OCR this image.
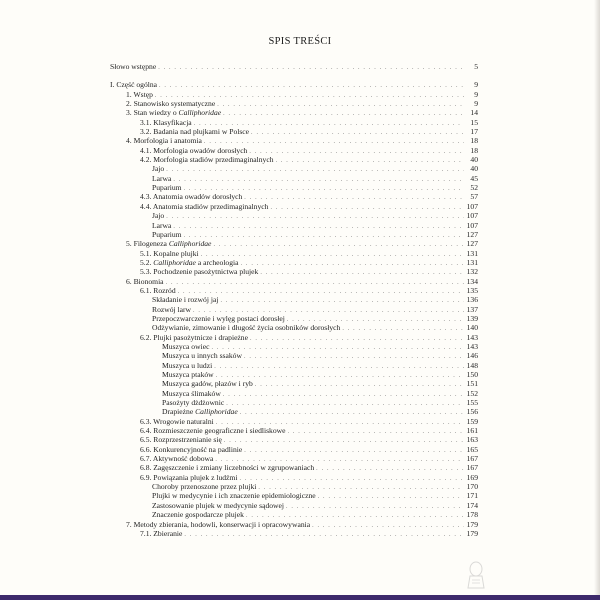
SPIS TREŚCI
Słowo wstępne . . .	5
I. Część ogólna . . .	9
1. Wstęp . . .	9
2. Stanowisko systematyczne . . .	9
3. Stan wiedzy o Calliphoridae . . .	14
3.1. Klasyfikacja . . .	15
3.2. Badania nad plujkami w Polsce . . .	17
4. Morfologia i anatomia . . .	18
4.1. Morfologia owadów dorosłych . . .	18
4.2. Morfologia stadiów przedimaginalnych . . .	40
Jajo . . .	40
Larwa . . .	45
Puparium . . .	52
4.3. Anatomia owadów dorosłych . . .	57
4.4. Anatomia stadiów przedimaginalnych . . .	107
Jajo . . .	107
Larwa . . .	107
Puparium . . .	127
5. Filogeneza Calliphoridae . . .	127
5.1. Kopalne plujki . . .	131
5.2. Calliphoridae a archeologia . . .	131
5.3. Pochodzenie pasożytnictwa plujek . . .	132
6. Bionomia . . .	134
6.1. Rozród . . .	135
Składanie i rozwój jaj . . .	136
Rozwój larw . . .	137
Przepoczwarczenie i wylęg postaci dorosłej . . .	139
Odżywianie, zimowanie i długość życia osobników dorosłych . . .	140
6.2. Plujki pasożytnicze i drapieżne . . .	143
Muszyca owiec . . .	143
Muszyca u innych ssaków . . .	146
Muszyca u ludzi . . .	148
Muszyca ptaków . . .	150
Muszyca gadów, płazów i ryb . . .	151
Muszyca ślimaków . . .	152
Pasożyty dżdżownic . . .	155
Drapieżne Calliphoridae . . .	156
6.3. Wrogowie naturalni . . .	159
6.4. Rozmieszczenie geograficzne i siedliskowe . . .	161
6.5. Rozprzestrzenianie się . . .	163
6.6. Konkurencyjność na padlinie . . .	165
6.7. Aktywność dobowa . . .	167
6.8. Zagęszczenie i zmiany liczebności w zgrupowaniach . . .	167
6.9. Powiązania plujek z ludźmi . . .	169
Choroby przenoszone przez plujki . . .	170
Plujki w medycynie i ich znaczenie epidemiologiczne . . .	171
Zastosowanie plujek w medycynie sądowej . . .	174
Znaczenie gospodarcze plujek . . .	178
7. Metody zbierania, hodowli, konserwacji i opracowywania . . .	179
7.1. Zbieranie . . .	179
